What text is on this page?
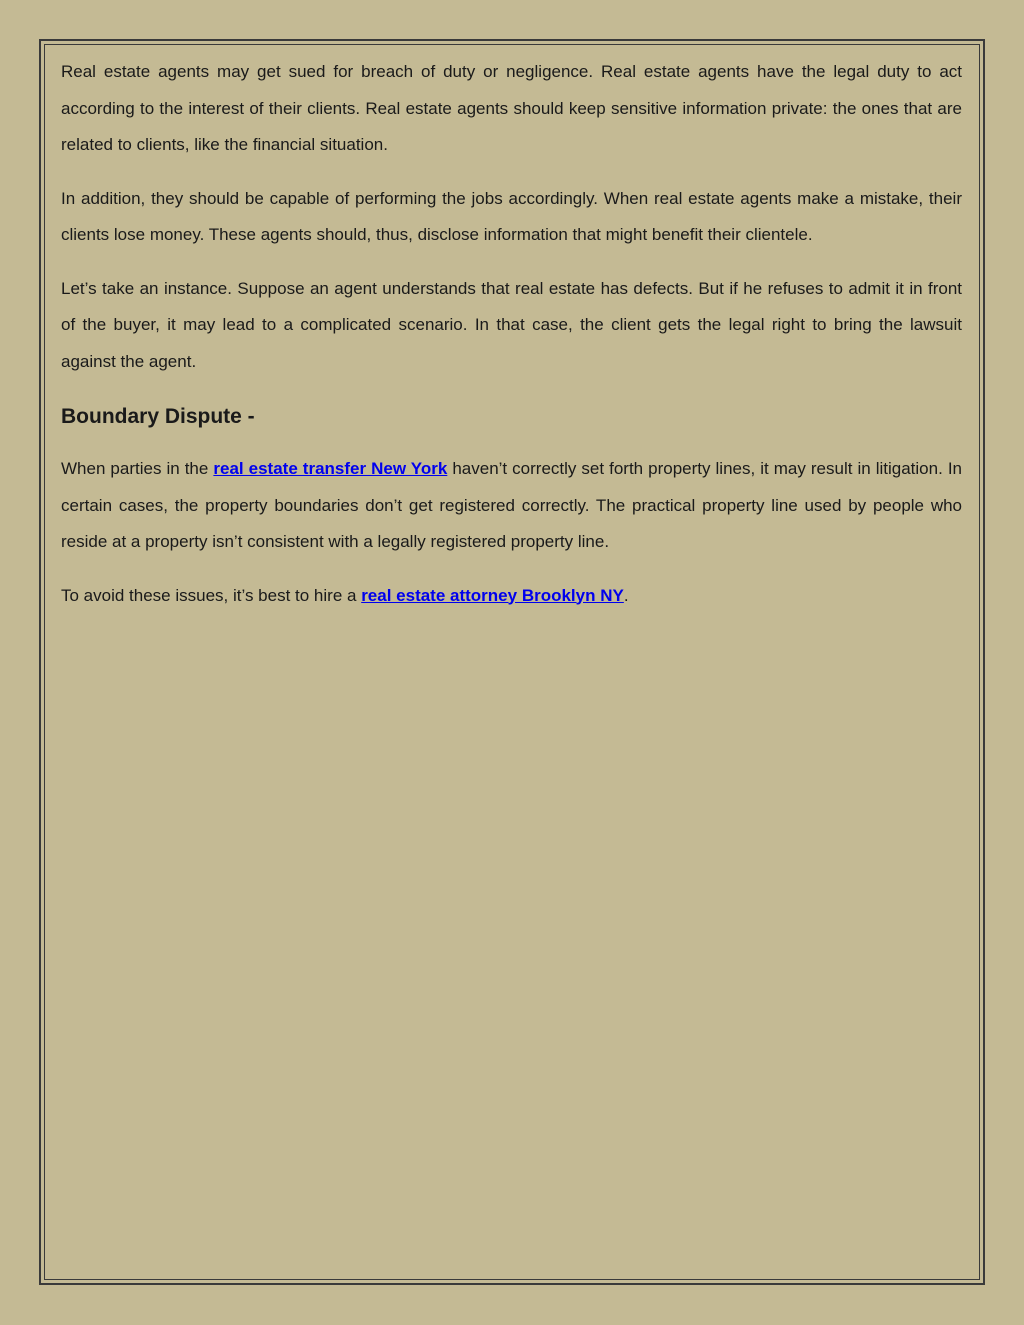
Real estate agents may get sued for breach of duty or negligence. Real estate agents have the legal duty to act according to the interest of their clients. Real estate agents should keep sensitive information private: the ones that are related to clients, like the financial situation.

In addition, they should be capable of performing the jobs accordingly. When real estate agents make a mistake, their clients lose money. These agents should, thus, disclose information that might benefit their clientele.

Let’s take an instance. Suppose an agent understands that real estate has defects. But if he refuses to admit it in front of the buyer, it may lead to a complicated scenario. In that case, the client gets the legal right to bring the lawsuit against the agent.

Boundary Dispute -

When parties in the real estate transfer New York haven’t correctly set forth property lines, it may result in litigation. In certain cases, the property boundaries don’t get registered correctly. The practical property line used by people who reside at a property isn’t consistent with a legally registered property line.

To avoid these issues, it’s best to hire a real estate attorney Brooklyn NY.
